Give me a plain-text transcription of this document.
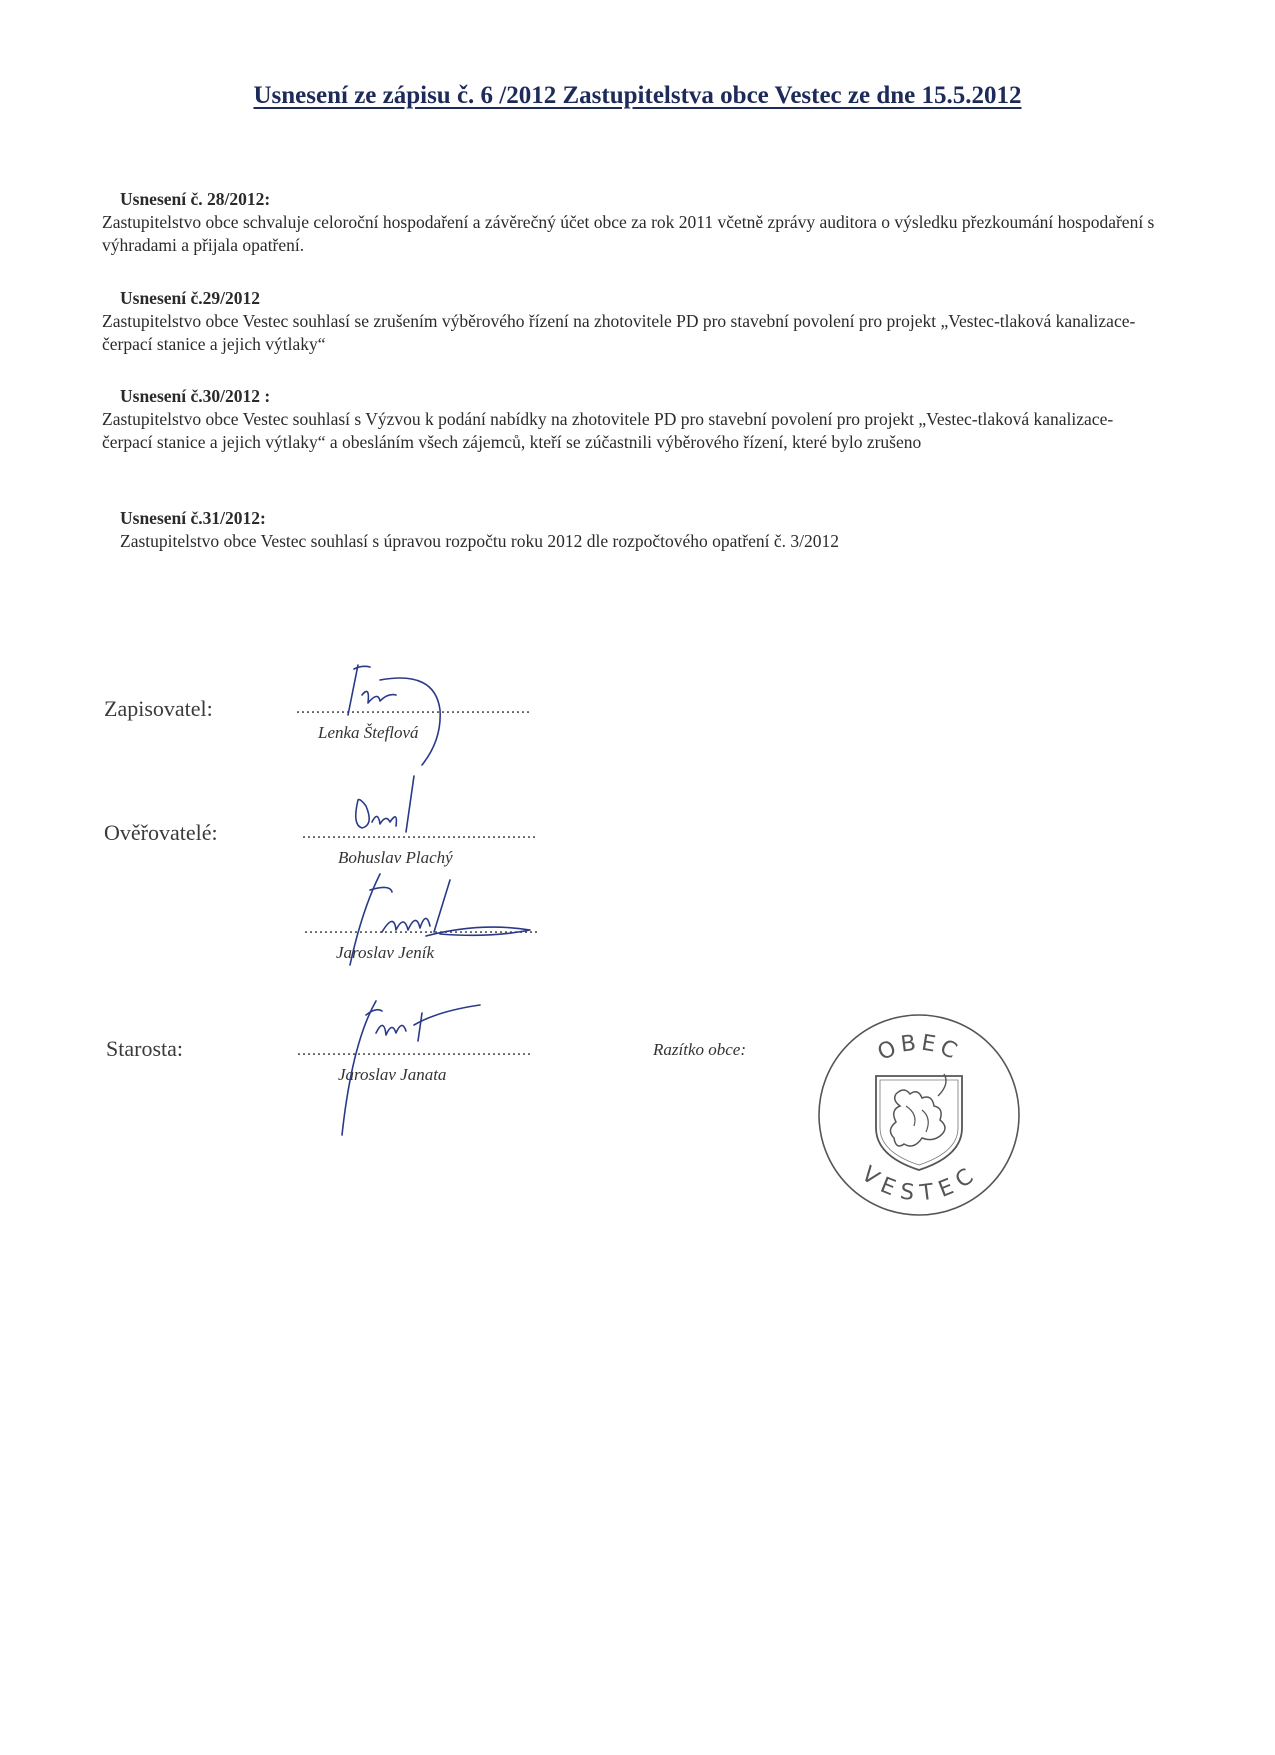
Usnesení ze zápisu č. 6 /2012 Zastupitelstva obce Vestec ze dne 15.5.2012
Usnesení č. 28/2012:
Zastupitelstvo obce schvaluje celoroční hospodaření a závěrečný účet obce za rok 2011 včetně zprávy auditora o výsledku přezkoumání hospodaření s výhradami a přijala opatření.
Usnesení č.29/2012
Zastupitelstvo obce Vestec souhlasí se zrušením výběrového řízení na zhotovitele PD pro stavební povolení pro projekt „Vestec-tlaková kanalizace-čerpací stanice a jejich výtlaky“
Usnesení č.30/2012 :
Zastupitelstvo obce Vestec souhlasí s Výzvou k podání nabídky na zhotovitele PD pro stavební povolení pro projekt „Vestec-tlaková kanalizace-čerpací stanice a jejich výtlaky“ a obesláním všech zájemců, kteří se zúčastnili výběrového řízení, které bylo zrušeno
Usnesení č.31/2012:
Zastupitelstvo obce Vestec souhlasí s úpravou rozpočtu roku 2012 dle rozpočtového opatření č. 3/2012
Zapisovatel:	...............................................
Lenka Šteflová
Ověřovatelé:	...............................................
Bohuslav Plachý
...............................................
Jaroslav Jeník
Starosta:	...............................................
Jaroslav Janata
Razítko obce:	OBEC
VESTEC
